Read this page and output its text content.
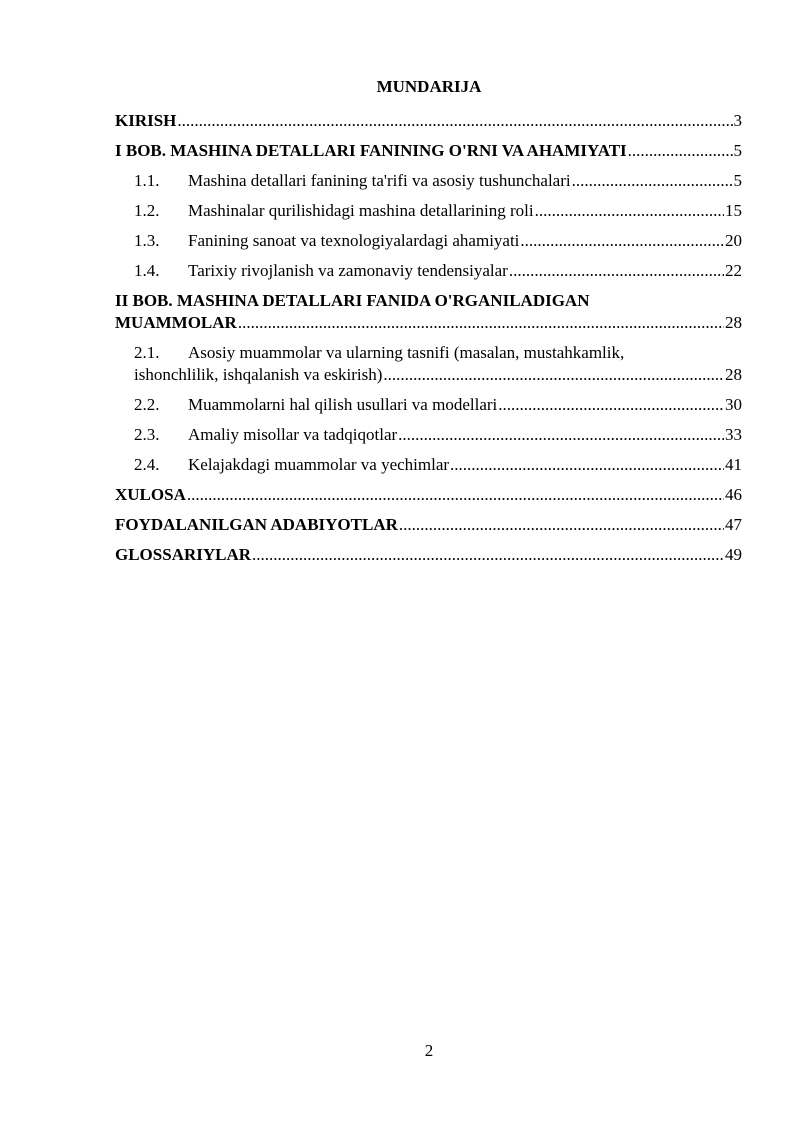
MUNDARIJA
KIRISH .....	3
I BOB. MASHINA DETALLARI FANINING O'RNI VA AHAMIYATI .....	5
1.1.	Mashina detallari fanining ta'rifi va asosiy tushunchalari .....	5
1.2.	Mashinalar qurilishidagi mashina detallarining roli .....	15
1.3.	Fanining sanoat va texnologiyalardagi ahamiyati .....	20
1.4.	Tarixiy rivojlanish va zamonaviy tendensiyalar .....	22
II BOB. MASHINA DETALLARI FANIDA O'RGANILADIGAN
MUAMMOLAR .....	28
2.1.	Asosiy muammolar va ularning tasnifi (masalan, mustahkamlik,
ishonchlilik, ishqalanish va eskirish) .....	28
2.2.	Muammolarni hal qilish usullari va modellari .....	30
2.3.	Amaliy misollar va tadqiqotlar .....	33
2.4.	Kelajakdagi muammolar va yechimlar .....	41
XULOSA .....	46
FOYDALANILGAN ADABIYOTLAR .....	47
GLOSSARIYLAR .....	49
2
